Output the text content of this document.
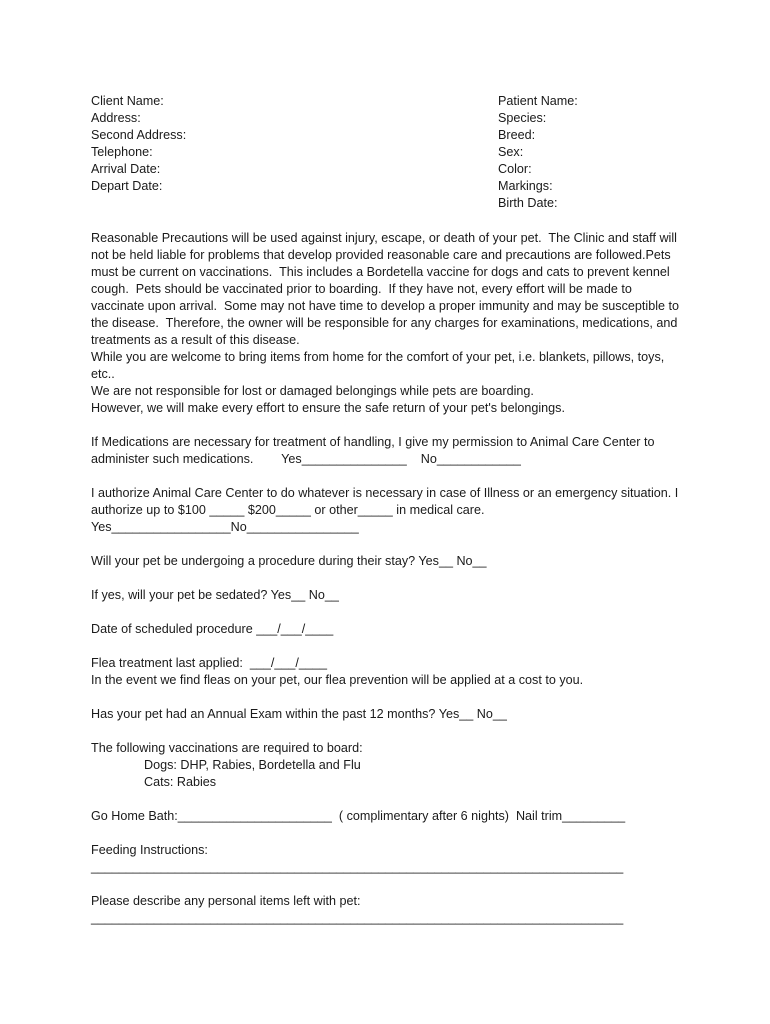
Client Name:
Address:
Second Address:
Telephone:
Arrival Date:
Depart Date:
Patient Name:
Species:
Breed:
Sex:
Color:
Markings:
Birth Date:

Reasonable Precautions will be used against injury, escape, or death of your pet.  The Clinic and staff will

not be held liable for problems that develop provided reasonable care and precautions are followed.Pets

must be current on vaccinations.  This includes a Bordetella vaccine for dogs and cats to prevent kennel

cough.  Pets should be vaccinated prior to boarding.  If they have not, every effort will be made to

vaccinate upon arrival.  Some may not have time to develop a proper immunity and may be susceptible to

the disease.  Therefore, the owner will be responsible for any charges for examinations, medications, and

treatments as a result of this disease.

While you are welcome to bring items from home for the comfort of your pet, i.e. blankets, pillows, toys,

etc..

We are not responsible for lost or damaged belongings while pets are boarding.

However, we will make every effort to ensure the safe return of your pet's belongings.

If Medications are necessary for treatment of handling, I give my permission to Animal Care Center to

administer such medications.        Yes_______________    No____________

I authorize Animal Care Center to do whatever is necessary in case of Illness or an emergency situation. I

authorize up to $100 _____ $200_____ or other_____ in medical care.

Yes_________________No________________

Will your pet be undergoing a procedure during their stay? Yes__ No__

If yes, will your pet be sedated? Yes__ No__

Date of scheduled procedure ___/___/____

Flea treatment last applied:  ___/___/____

In the event we find fleas on your pet, our flea prevention will be applied at a cost to you.

Has your pet had an Annual Exam within the past 12 months? Yes__ No__

The following vaccinations are required to board:

Dogs: DHP, Rabies, Bordetella and Flu

Cats: Rabies

Go Home Bath:______________________  ( complimentary after 6 nights)  Nail trim_________

Feeding Instructions:

____________________________________________________________________________

Please describe any personal items left with pet:

____________________________________________________________________________
